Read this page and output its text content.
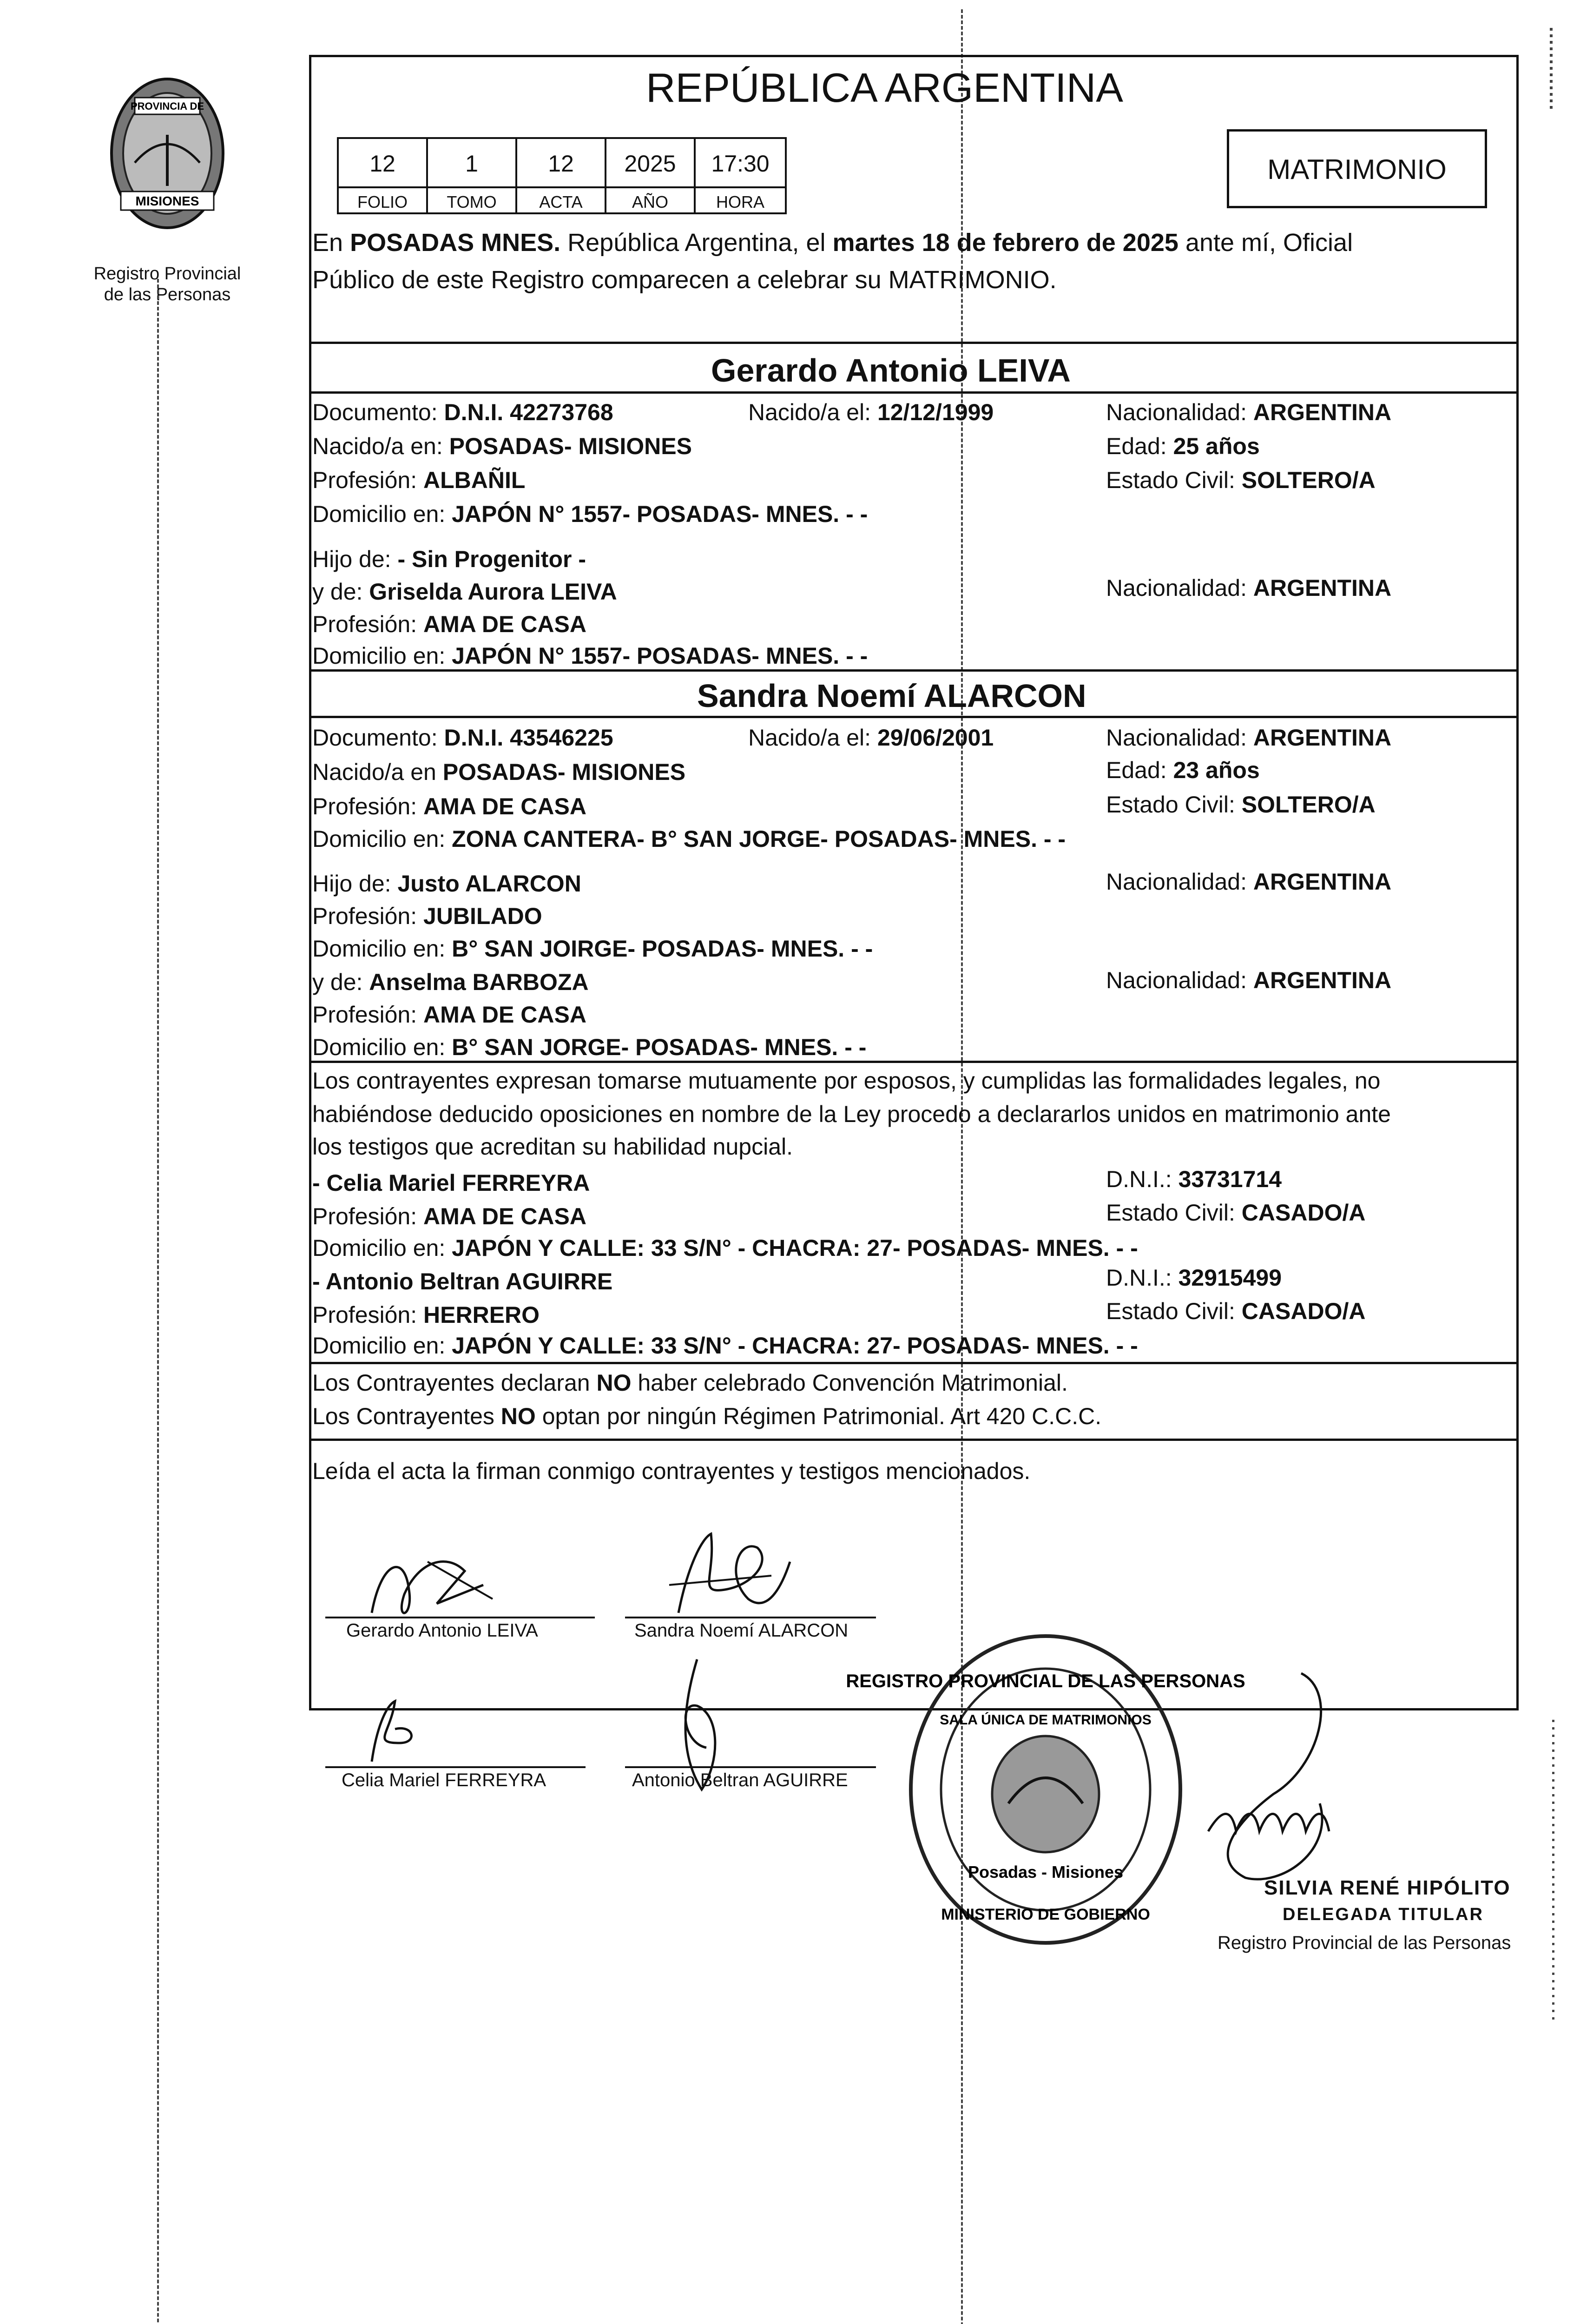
PROVINCIA DE
MISIONES
Registro Provincial
de las Personas
REPÚBLICA ARGENTINA
12	1	12	2025	17:30
FOLIO	TOMO	ACTA	AÑO	HORA
MATRIMONIO
En POSADAS MNES. República Argentina, el martes 18 de febrero de 2025 ante mí, Oficial
Público de este Registro comparecen a celebrar su MATRIMONIO.
Gerardo Antonio LEIVA
Documento: D.N.I. 42273768	Nacido/a el: 12/12/1999	Nacionalidad: ARGENTINA
Nacido/a en: POSADAS- MISIONES	Edad: 25 años
Profesión: ALBAÑIL	Estado Civil: SOLTERO/A
Domicilio en: JAPÓN N° 1557- POSADAS- MNES. - -
Hijo de: - Sin Progenitor -
y de: Griselda Aurora LEIVA	Nacionalidad: ARGENTINA
Profesión: AMA DE CASA
Domicilio en: JAPÓN N° 1557- POSADAS- MNES. - -
Sandra Noemí ALARCON
Documento: D.N.I. 43546225	Nacido/a el: 29/06/2001	Nacionalidad: ARGENTINA
Nacido/a en POSADAS- MISIONES	Edad: 23 años
Profesión: AMA DE CASA	Estado Civil: SOLTERO/A
Domicilio en: ZONA CANTERA- B° SAN JORGE- POSADAS- MNES. - -
Hijo de: Justo ALARCON	Nacionalidad: ARGENTINA
Profesión: JUBILADO
Domicilio en: B° SAN JOIRGE- POSADAS- MNES. - -
y de: Anselma BARBOZA	Nacionalidad: ARGENTINA
Profesión: AMA DE CASA
Domicilio en: B° SAN JORGE- POSADAS- MNES. - -
Los contrayentes expresan tomarse mutuamente por esposos, y cumplidas las formalidades legales, no
habiéndose deducido oposiciones en nombre de la Ley procedo a declararlos unidos en matrimonio ante
los testigos que acreditan su habilidad nupcial.
- Celia Mariel FERREYRA	D.N.I.: 33731714
Profesión: AMA DE CASA	Estado Civil: CASADO/A
Domicilio en: JAPÓN Y CALLE: 33 S/N° - CHACRA: 27- POSADAS- MNES. - -
- Antonio Beltran AGUIRRE	D.N.I.: 32915499
Profesión: HERRERO	Estado Civil: CASADO/A
Domicilio en: JAPÓN Y CALLE: 33 S/N° - CHACRA: 27- POSADAS- MNES. - -
Los Contrayentes declaran NO haber celebrado Convención Matrimonial.
Los Contrayentes NO optan por ningún Régimen Patrimonial. Art 420 C.C.C.
Leída el acta la firman conmigo contrayentes y testigos mencionados.
Gerardo Antonio LEIVA	Sandra Noemí ALARCON
Celia Mariel FERREYRA	Antonio Beltran AGUIRRE
REGISTRO PROVINCIAL DE LAS PERSONAS
SALA ÚNICA DE MATRIMONIOS
Posadas - Misiones
MINISTERIO DE GOBIERNO
SILVIA RENÉ HIPÓLITO
DELEGADA TITULAR
Registro Provincial de las Personas
